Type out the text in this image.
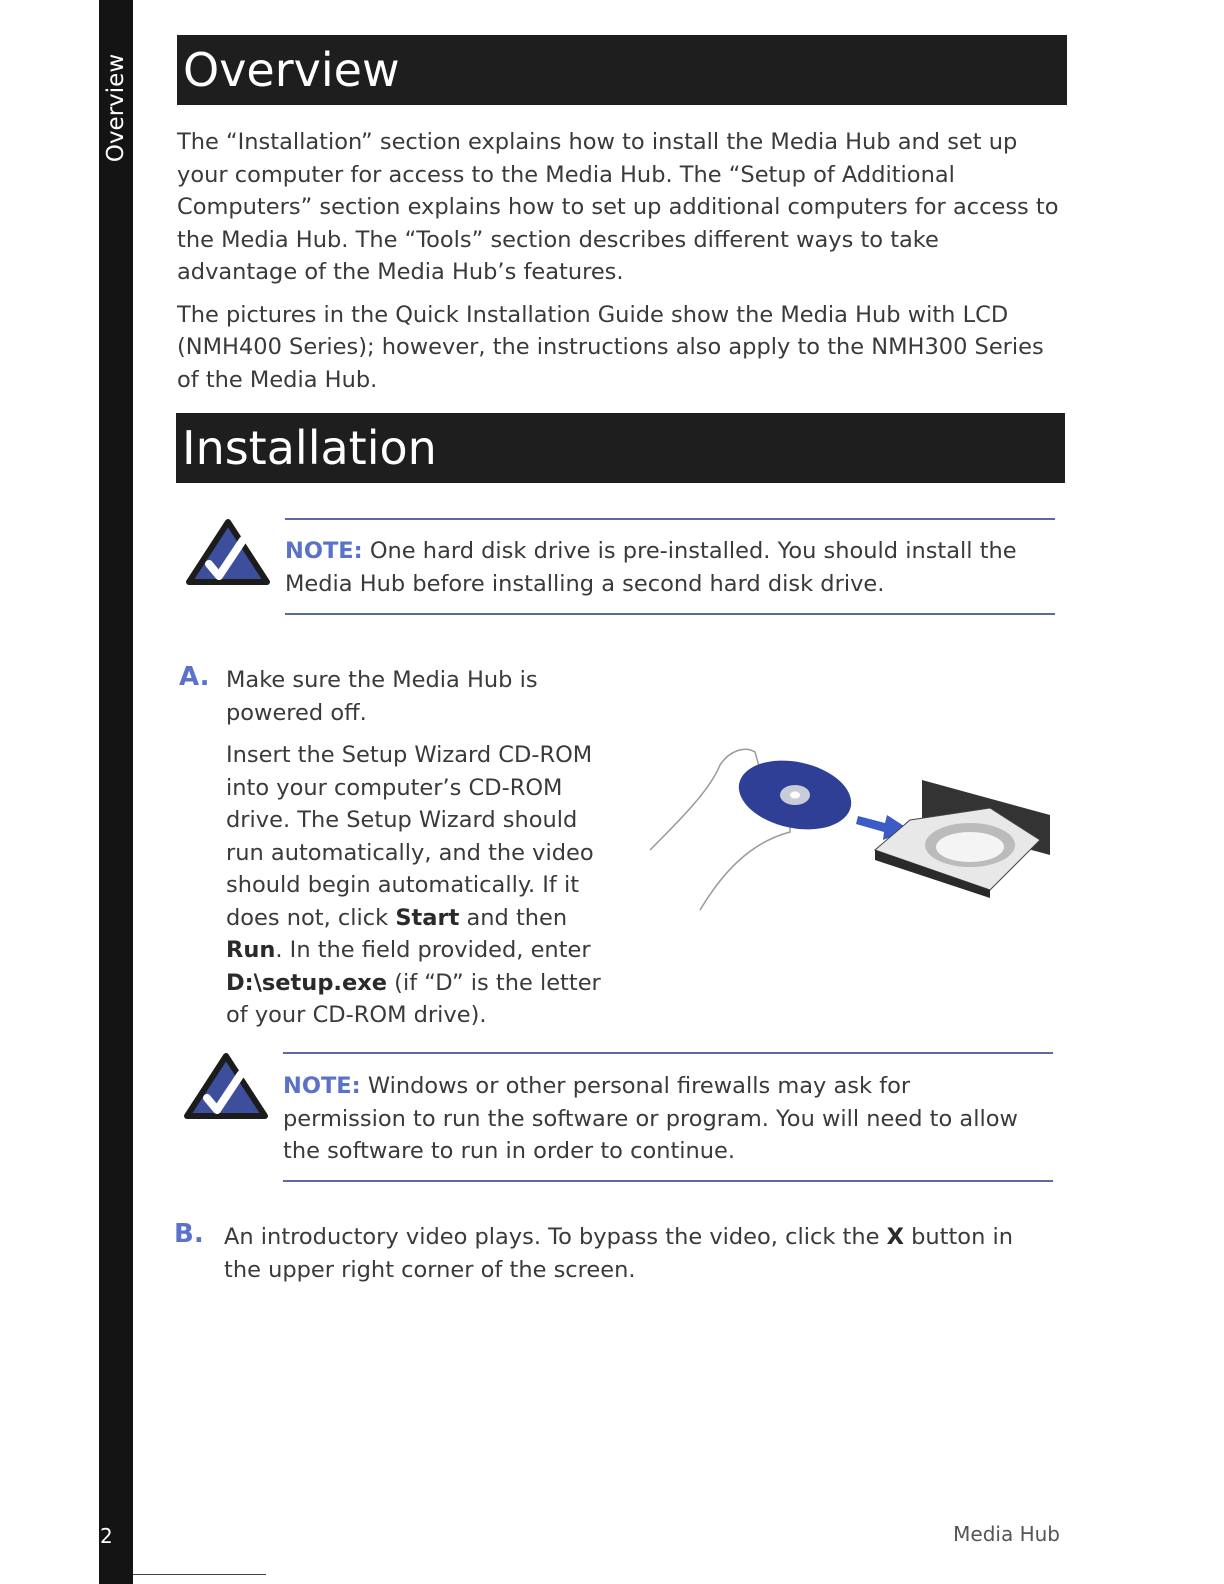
Overview
2	Media Hub
Overview

The “Installation” section explains how to install the Media Hub and set up your computer for access to the Media Hub. The “Setup of Additional Computers” section explains how to set up additional computers for access to the Media Hub. The “Tools” section describes different ways to take advantage of the Media Hub’s features.

The pictures in the Quick Installation Guide show the Media Hub with LCD (NMH400 Series); however, the instructions also apply to the NMH300 Series of the Media Hub.

Installation
NOTE: One hard disk drive is pre-installed. You should install the Media Hub before installing a second hard disk drive.
A. Make sure the Media Hub is powered off.

Insert the Setup Wizard CD-ROM into your computer’s CD-ROM drive. The Setup Wizard should run automatically, and the video should begin automatically. If it does not, click Start and then Run. In the field provided, enter D:\setup.exe (if “D” is the letter of your CD-ROM drive).

NOTE: Windows or other personal firewalls may ask for permission to run the software or program. You will need to allow the software to run in order to continue.
B. An introductory video plays. To bypass the video, click the X button in the upper right corner of the screen.
